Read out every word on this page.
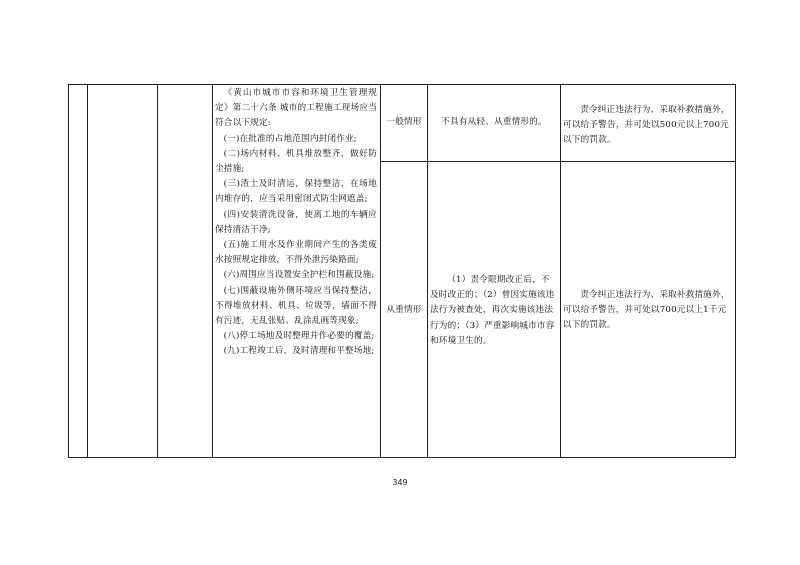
《黄山市城市市容和环境卫生管理规定》第二十六条 城市的工程施工现场应当符合以下规定:

(一)在批准的占地范围内封闭作业;

(二)场内材料、机具堆放整齐，做好防尘措施;

(三)渣土及时清运，保持整洁，在场地内堆存的，应当采用密闭式防尘网遮盖;

(四)安装清洗设备，使离工地的车辆应保持清洁干净;

(五)施工用水及作业期间产生的各类废水按照规定排放，不得外泄污染路面;

(六)周围应当设置安全护栏和围蔽设施;

(七)围蔽设施外侧环境应当保持整洁，不得堆放材料、机具、垃圾等，墙面不得有污迹，无乱张贴、乱涂乱画等现象;

(八)停工场地及时整理并作必要的覆盖;

(九)工程竣工后，及时清理和平整场地;

一般情形	不具有从轻、从重情形的。

责令纠正违法行为、采取补救措施外，可以给予警告，并可处以500元以上700元以下的罚款。

从重情形

（1）责令限期改正后，不及时改正的；（2）曾因实施该违法行为被查处，再次实施该违法行为的；（3）严重影响城市市容和环境卫生的。

责令纠正违法行为、采取补救措施外，可以给予警告，并可处以700元以上1千元以下的罚款。

349
